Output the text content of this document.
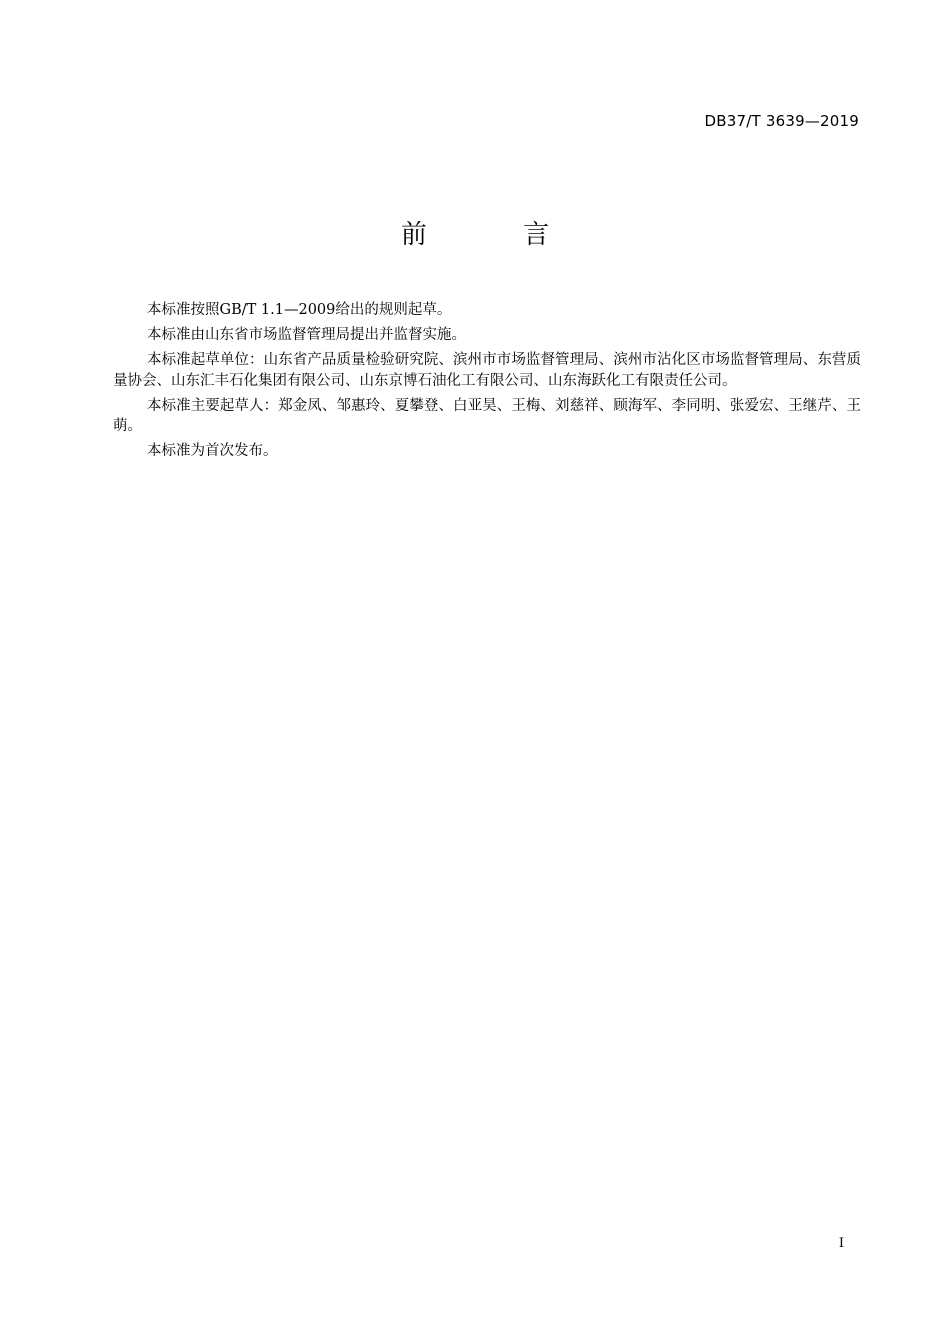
DB37/T 3639—2019
前 言

本标准按照GB/T 1.1—2009给出的规则起草。

本标准由山东省市场监督管理局提出并监督实施。

本标准起草单位：山东省产品质量检验研究院、滨州市市场监督管理局、滨州市沾化区市场监督管理局、东营质量协会、山东汇丰石化集团有限公司、山东京博石油化工有限公司、山东海跃化工有限责任公司。

本标准主要起草人：郑金凤、邹惠玲、夏攀登、白亚昊、王梅、刘慈祥、顾海军、李同明、张爱宏、王继芹、王萌。

本标准为首次发布。

I
